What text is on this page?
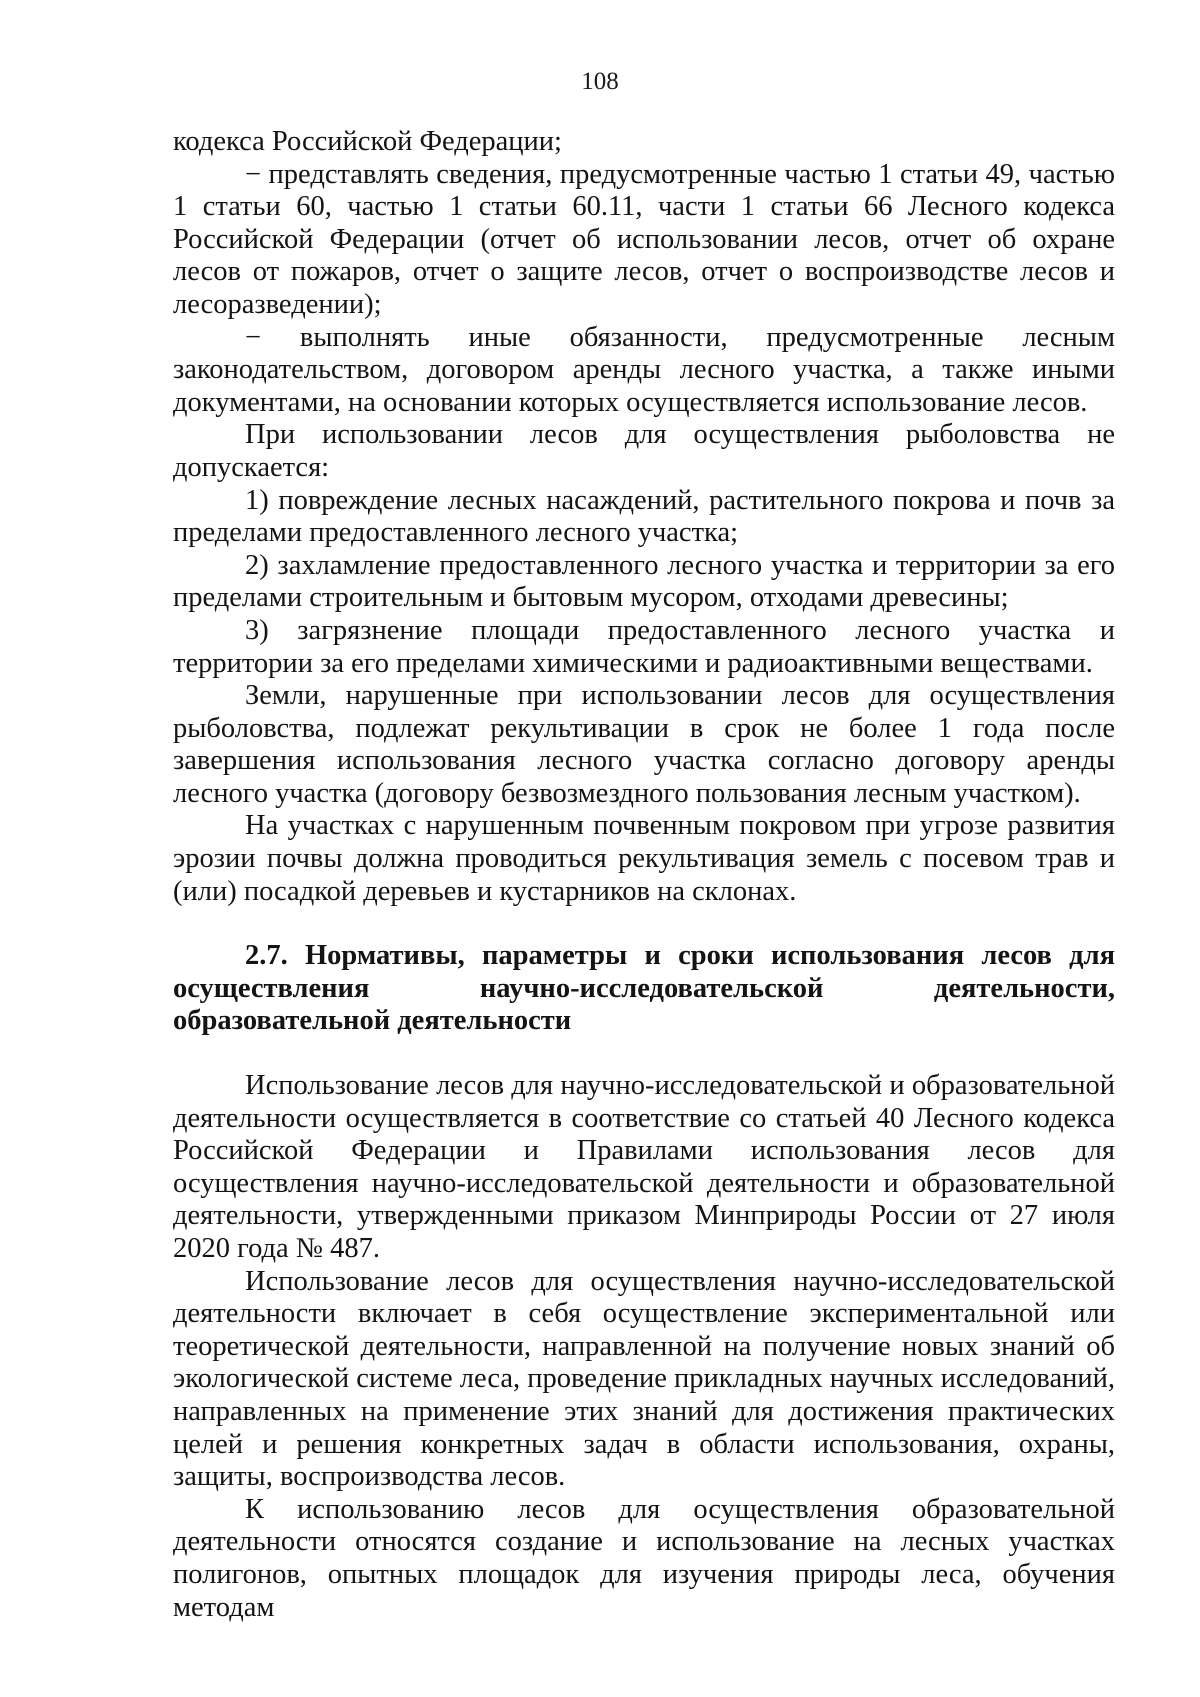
108

кодекса Российской Федерации;

− представлять сведения, предусмотренные частью 1 статьи 49, частью 1 статьи 60, частью 1 статьи 60.11, части 1 статьи 66 Лесного кодекса Российской Федерации (отчет об использовании лесов, отчет об охране лесов от пожаров, отчет о защите лесов, отчет о воспроизводстве лесов и лесоразведении);

− выполнять иные обязанности, предусмотренные лесным законодательством, договором аренды лесного участка, а также иными документами, на основании которых осуществляется использование лесов.

При использовании лесов для осуществления рыболовства не допускается:

1) повреждение лесных насаждений, растительного покрова и почв за пределами предоставленного лесного участка;

2) захламление предоставленного лесного участка и территории за его пределами строительным и бытовым мусором, отходами древесины;

3) загрязнение площади предостaвленного лесного участка и территории за его пределами химическими и радиоактивными веществами.

Земли, нарушенные при использовании лесов для осуществления рыболовства, подлежат рекультивации в срок не более 1 года после завершения использования лесного участка согласно договору аренды лесного участка (договору безвозмездного пользования лесным участком).

На участках с нарушенным почвенным покровом при угрозе развития эрозии почвы должна проводиться рекультивация земель с посевом трав и (или) посадкой деревьев и кустарников на склонах.

2.7. Нормативы, параметры и сроки использования лесов для осуществления научно-исследовательской деятельности, образовательной деятельности

Использование лесов для научно-исследовательской и образовательной деятельности осуществляется в соответствие со статьей 40 Лесного кодекса Российской Федерации и Правилами использования лесов для осуществления научно-исследовательской деятельности и образовательной деятельности, утвержденными приказом Минприроды России от 27 июля 2020 года № 487.

Использование лесов для осуществления научно-исследовательской деятельности включает в себя осуществление экспериментальной или теоретической деятельности, направленной на получение новых знаний об экологической системе леса, проведение прикладных научных исследований, направленных на применение этих знаний для достижения практических целей и решения конкретных задач в области использования, охраны, защиты, воспроизводства лесов.

К использованию лесов для осуществления образовательной деятельности относятся создание и использование на лесных участках полигонов, опытных площадок для изучения природы леса, обучения методам
